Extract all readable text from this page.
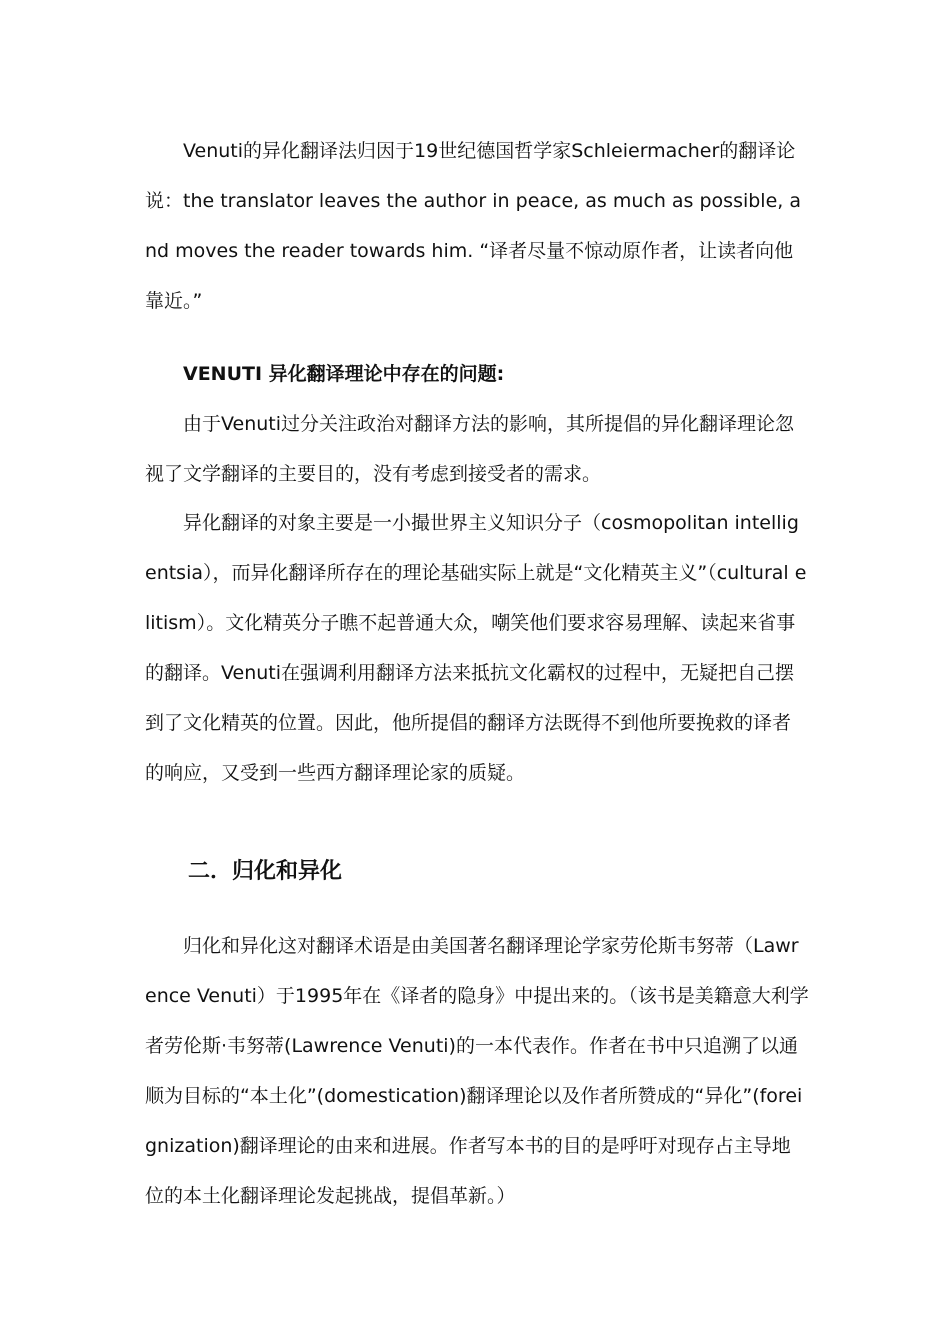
Venuti的异化翻译法归因于19世纪德国哲学家Schleiermacher的翻译论说：the translator leaves the author in peace, as much as possible, and moves the reader towards him. “译者尽量不惊动原作者，让读者向他靠近。”

VENUTI 异化翻译理论中存在的问题:

由于Venuti过分关注政治对翻译方法的影响，其所提倡的异化翻译理论忽视了文学翻译的主要目的，没有考虑到接受者的需求。

异化翻译的对象主要是一小撮世界主义知识分子（cosmopolitan intelligentsia），而异化翻译所存在的理论基础实际上就是“文化精英主义”（cultural elitism）。文化精英分子瞧不起普通大众，嘲笑他们要求容易理解、读起来省事的翻译。Venuti在强调利用翻译方法来抵抗文化霸权的过程中，无疑把自己摆到了文化精英的位置。因此，他所提倡的翻译方法既得不到他所要挽救的译者的响应，又受到一些西方翻译理论家的质疑。

二．归化和异化

归化和异化这对翻译术语是由美国著名翻译理论学家劳伦斯韦努蒂（Lawrence Venuti）于1995年在《译者的隐身》中提出来的。（该书是美籍意大利学者劳伦斯·韦努蒂(Lawrence Venuti)的一本代表作。作者在书中只追溯了以通顺为目标的“本土化”(domestication)翻译理论以及作者所赞成的“异化”(foreignization)翻译理论的由来和进展。作者写本书的目的是呼吁对现存占主导地位的本土化翻译理论发起挑战，提倡革新。）
